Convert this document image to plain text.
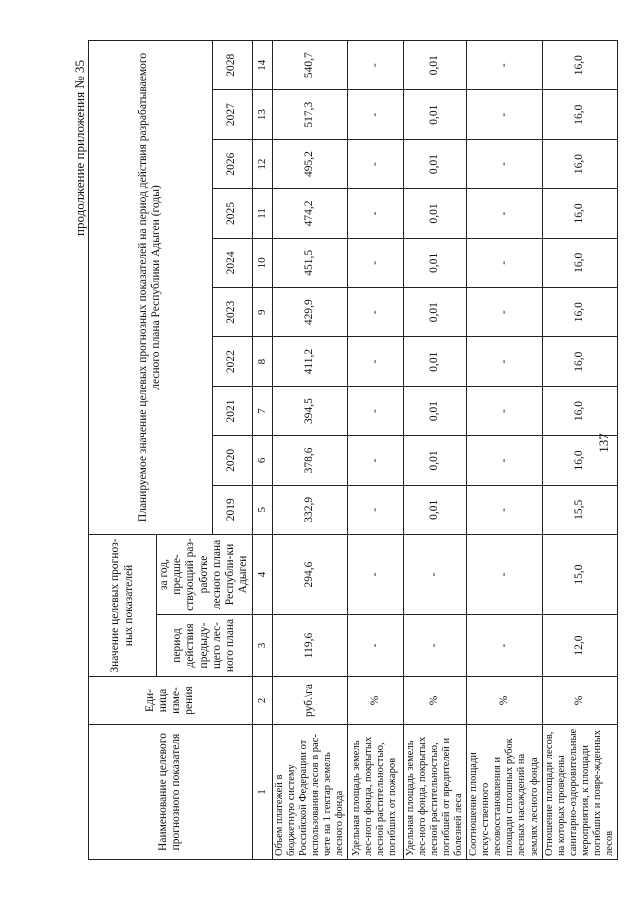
продолжение приложения № 35
Наименование целевого прогнозного показателя	Еди-ница изме-рения	Значение целевых прогноз-ных показателей		Планируемое значение целевых прогнозных показателей на период действия разрабатываемого лесного плана Республики Адыгеи (годы)									
		период действия предыду-щего лес-ного плана	за год, предше-ствующий раз-работке лесного плана Республи-ки Адыгеи										
				2019	2020	2021	2022	2023	2024	2025	2026	2027	2028
1	2	3	4	5	6	7	8	9	10	11	12	13	14
Объем платежей в бюджетную систему Российской Федерации от использования лесов в рас-чете на 1 гектар земель лесного фонда	руб.\га	119,6	294,6	332,9	378,6	394,5	411,2	429,9	451,5	474,2	495,2	517,3	540,7
Удельная площадь земель лес-ного фонда, покрытых лесной растительностью, погибших от пожаров	%	-	-	-	-	-	-	-	-	-	-	-	-
Удельная площадь земель лес-ного фонда, покрытых лесной растительностью, погибшей от вредителей и болезней леса	%	-	-	0,01	0,01	0,01	0,01	0,01	0,01	0,01	0,01	0,01	0,01
Соотношение площади искус-ственного лесовосстановления и площади сплошных рубок лесных насаждений на землях лесного фонда	%	-	-	-	-	-	-	-	-	-	-	-	-
Отношение площади лесов, на которых проведены санитарно-оздоровительные мероприятия, к площади погибших и повре-жденных лесов	%	12,0	15,0	15,5	16,0	16,0	16,0	16,0	16,0	16,0	16,0	16,0	16,0
137
